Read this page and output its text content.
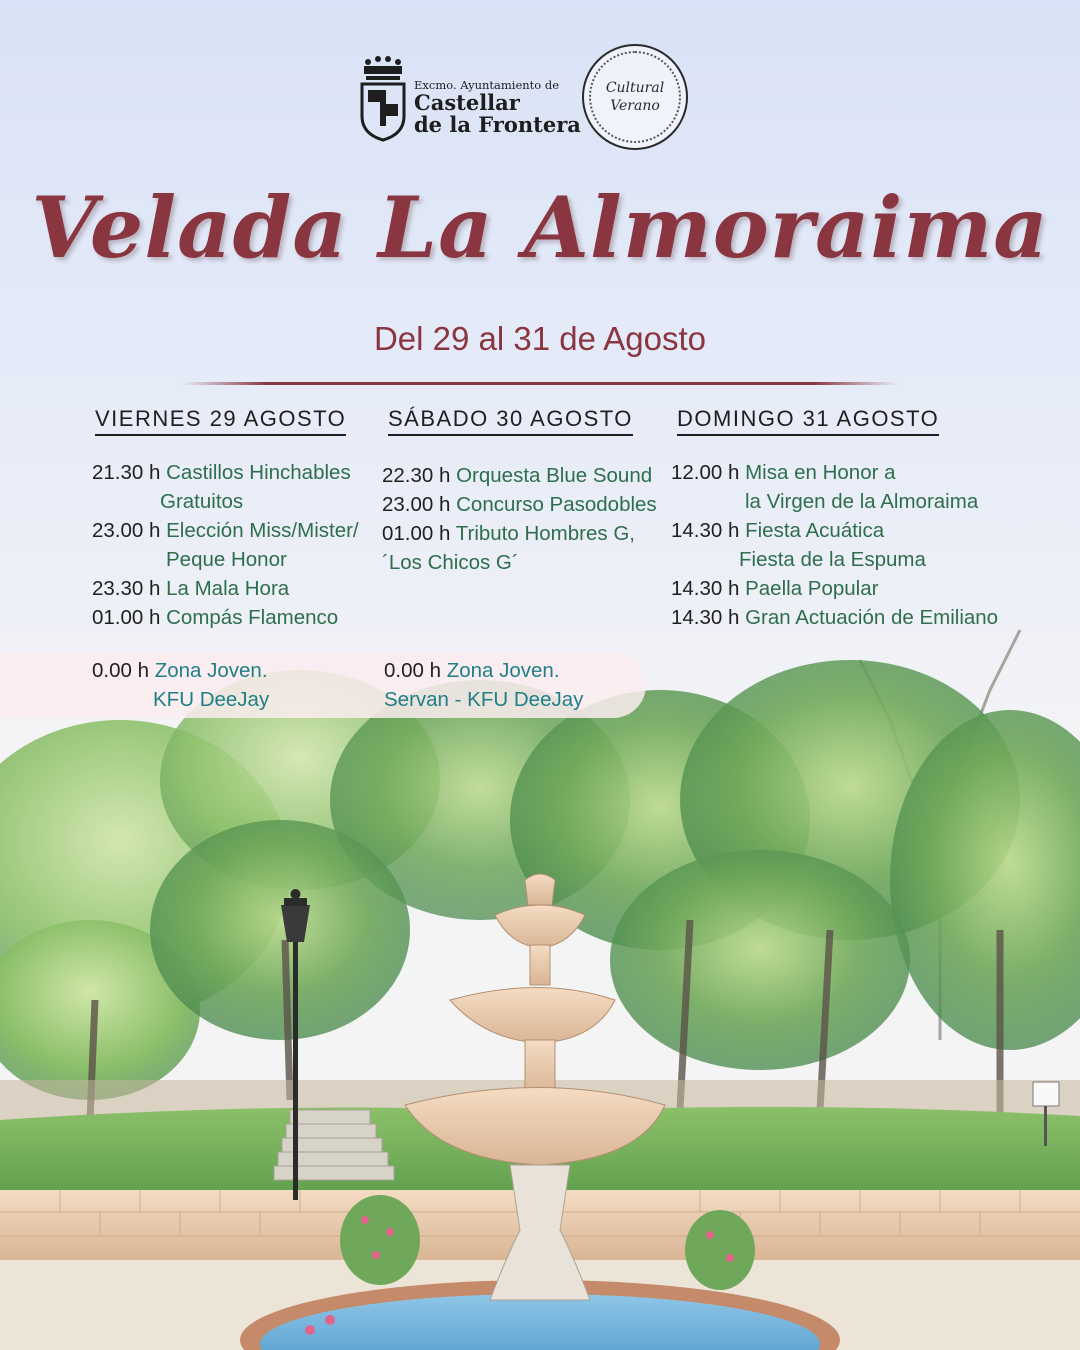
Excmo. Ayuntamiento de
Castellar
de la Frontera
Cultural
Verano
Velada La Almoraima
Del 29 al 31 de Agosto
VIERNES 29 AGOSTO SÁBADO 30 AGOSTO DOMINGO 31 AGOSTO
21.30 h Castillos Hinchables
Gratuitos
23.00 h Elección Miss/Mister/
Peque Honor
23.30 h La Mala Hora
01.00 h Compás Flamenco
22.30 h Orquesta Blue Sound
23.00 h Concurso Pasodobles
01.00 h Tributo Hombres G,
´Los Chicos G´
12.00 h Misa en Honor a
la Virgen de la Almoraima
14.30 h Fiesta Acuática
Fiesta de la Espuma
14.30 h Paella Popular
14.30 h Gran Actuación de Emiliano
0.00 h Zona Joven.
KFU DeeJay
0.00 h Zona Joven.
Servan - KFU DeeJay
